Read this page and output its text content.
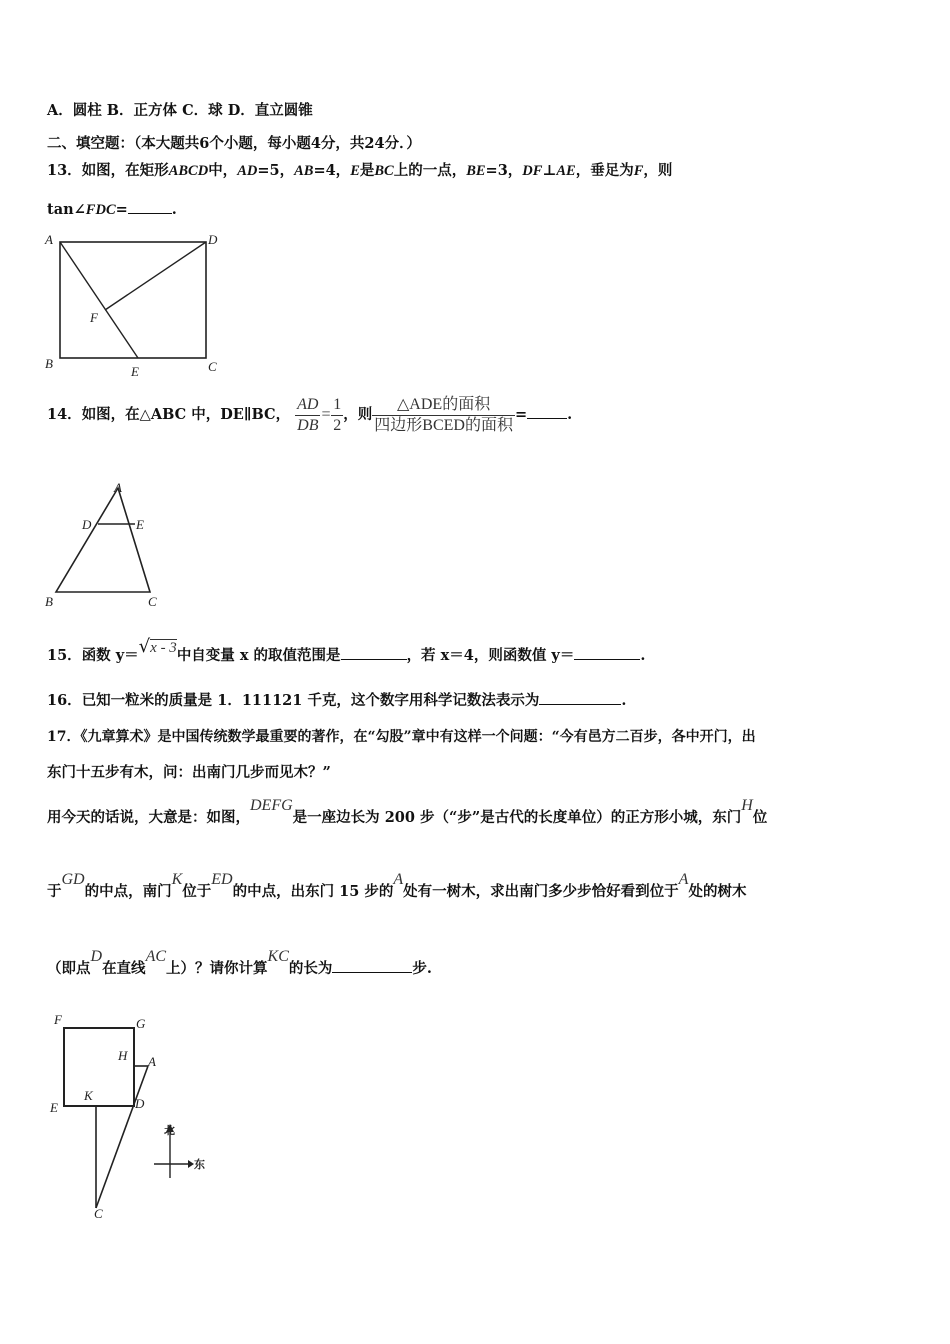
A．圆柱 B．正方体 C．球 D．直立圆锥
二、填空题：（本大题共6个小题，每小题4分，共24分．）
13．如图，在矩形ABCD中，AD=5，AB=4，E是BC上的一点，BE=3，DF⊥AE，垂足为F，则
tan∠FDC=	.
A	D
B	C
E
F
14．如图，在△ABC 中，DE∥BC， $\frac{AD}{DB} = \frac{1}{2}$ ，则 $\frac{\text{△ADE的面积}}{\text{四边形BCED的面积}}$ =	.
A
D	E
B	C
15．函数 y＝√x - 3中自变量 x 的取值范围是	，若 x＝4，则函数值 y＝	.
16．已知一粒米的质量是 1．111121 千克，这个数字用科学记数法表示为	.
17．《九章算术》是中国传统数学最重要的著作，在“勾股”章中有这样一个问题：“今有邑方二百步，各中开门，出
东门十五步有木，问：出南门几步而见木？”
用今天的话说，大意是：如图，DEFG是一座边长为 200 步（“步”是古代的长度单位）的正方形小城，东门H位
于GD的中点，南门K位于ED的中点，出东门 15 步的A处有一树木，求出南门多少步恰好看到位于A处的树木
（即点D在直线AC上）？请你计算KC的长为	步.
F	G
H A
E
K
D
C
北
东
